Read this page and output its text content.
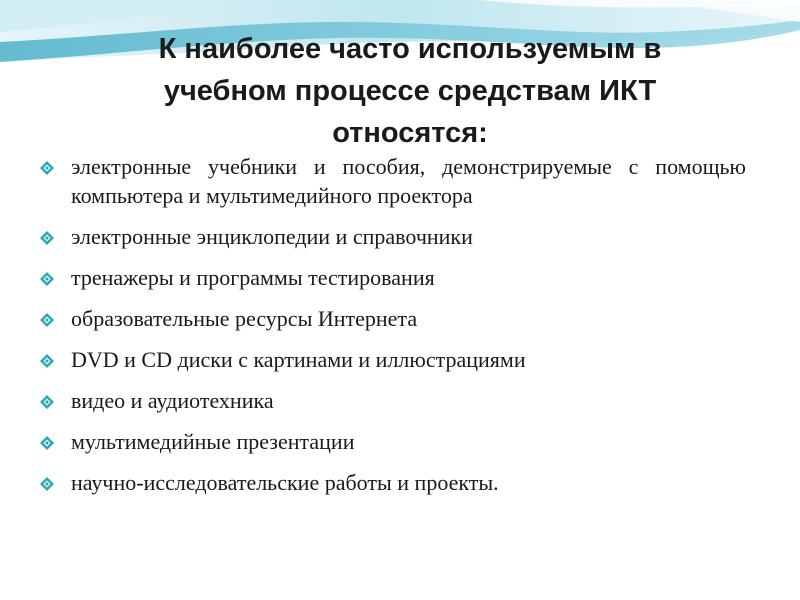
К наиболее часто используемым в
учебном процессе средствам ИКТ
относятся:
электронные учебники и пособия, демонстрируемые с помощью компьютера и мультимедийного проектора
электронные энциклопедии и справочники
тренажеры и программы тестирования
образовательные ресурсы Интернета
DVD и CD диски с картинами и иллюстрациями
видео и аудиотехника
мультимедийные презентации
научно-исследовательские работы и проекты.
